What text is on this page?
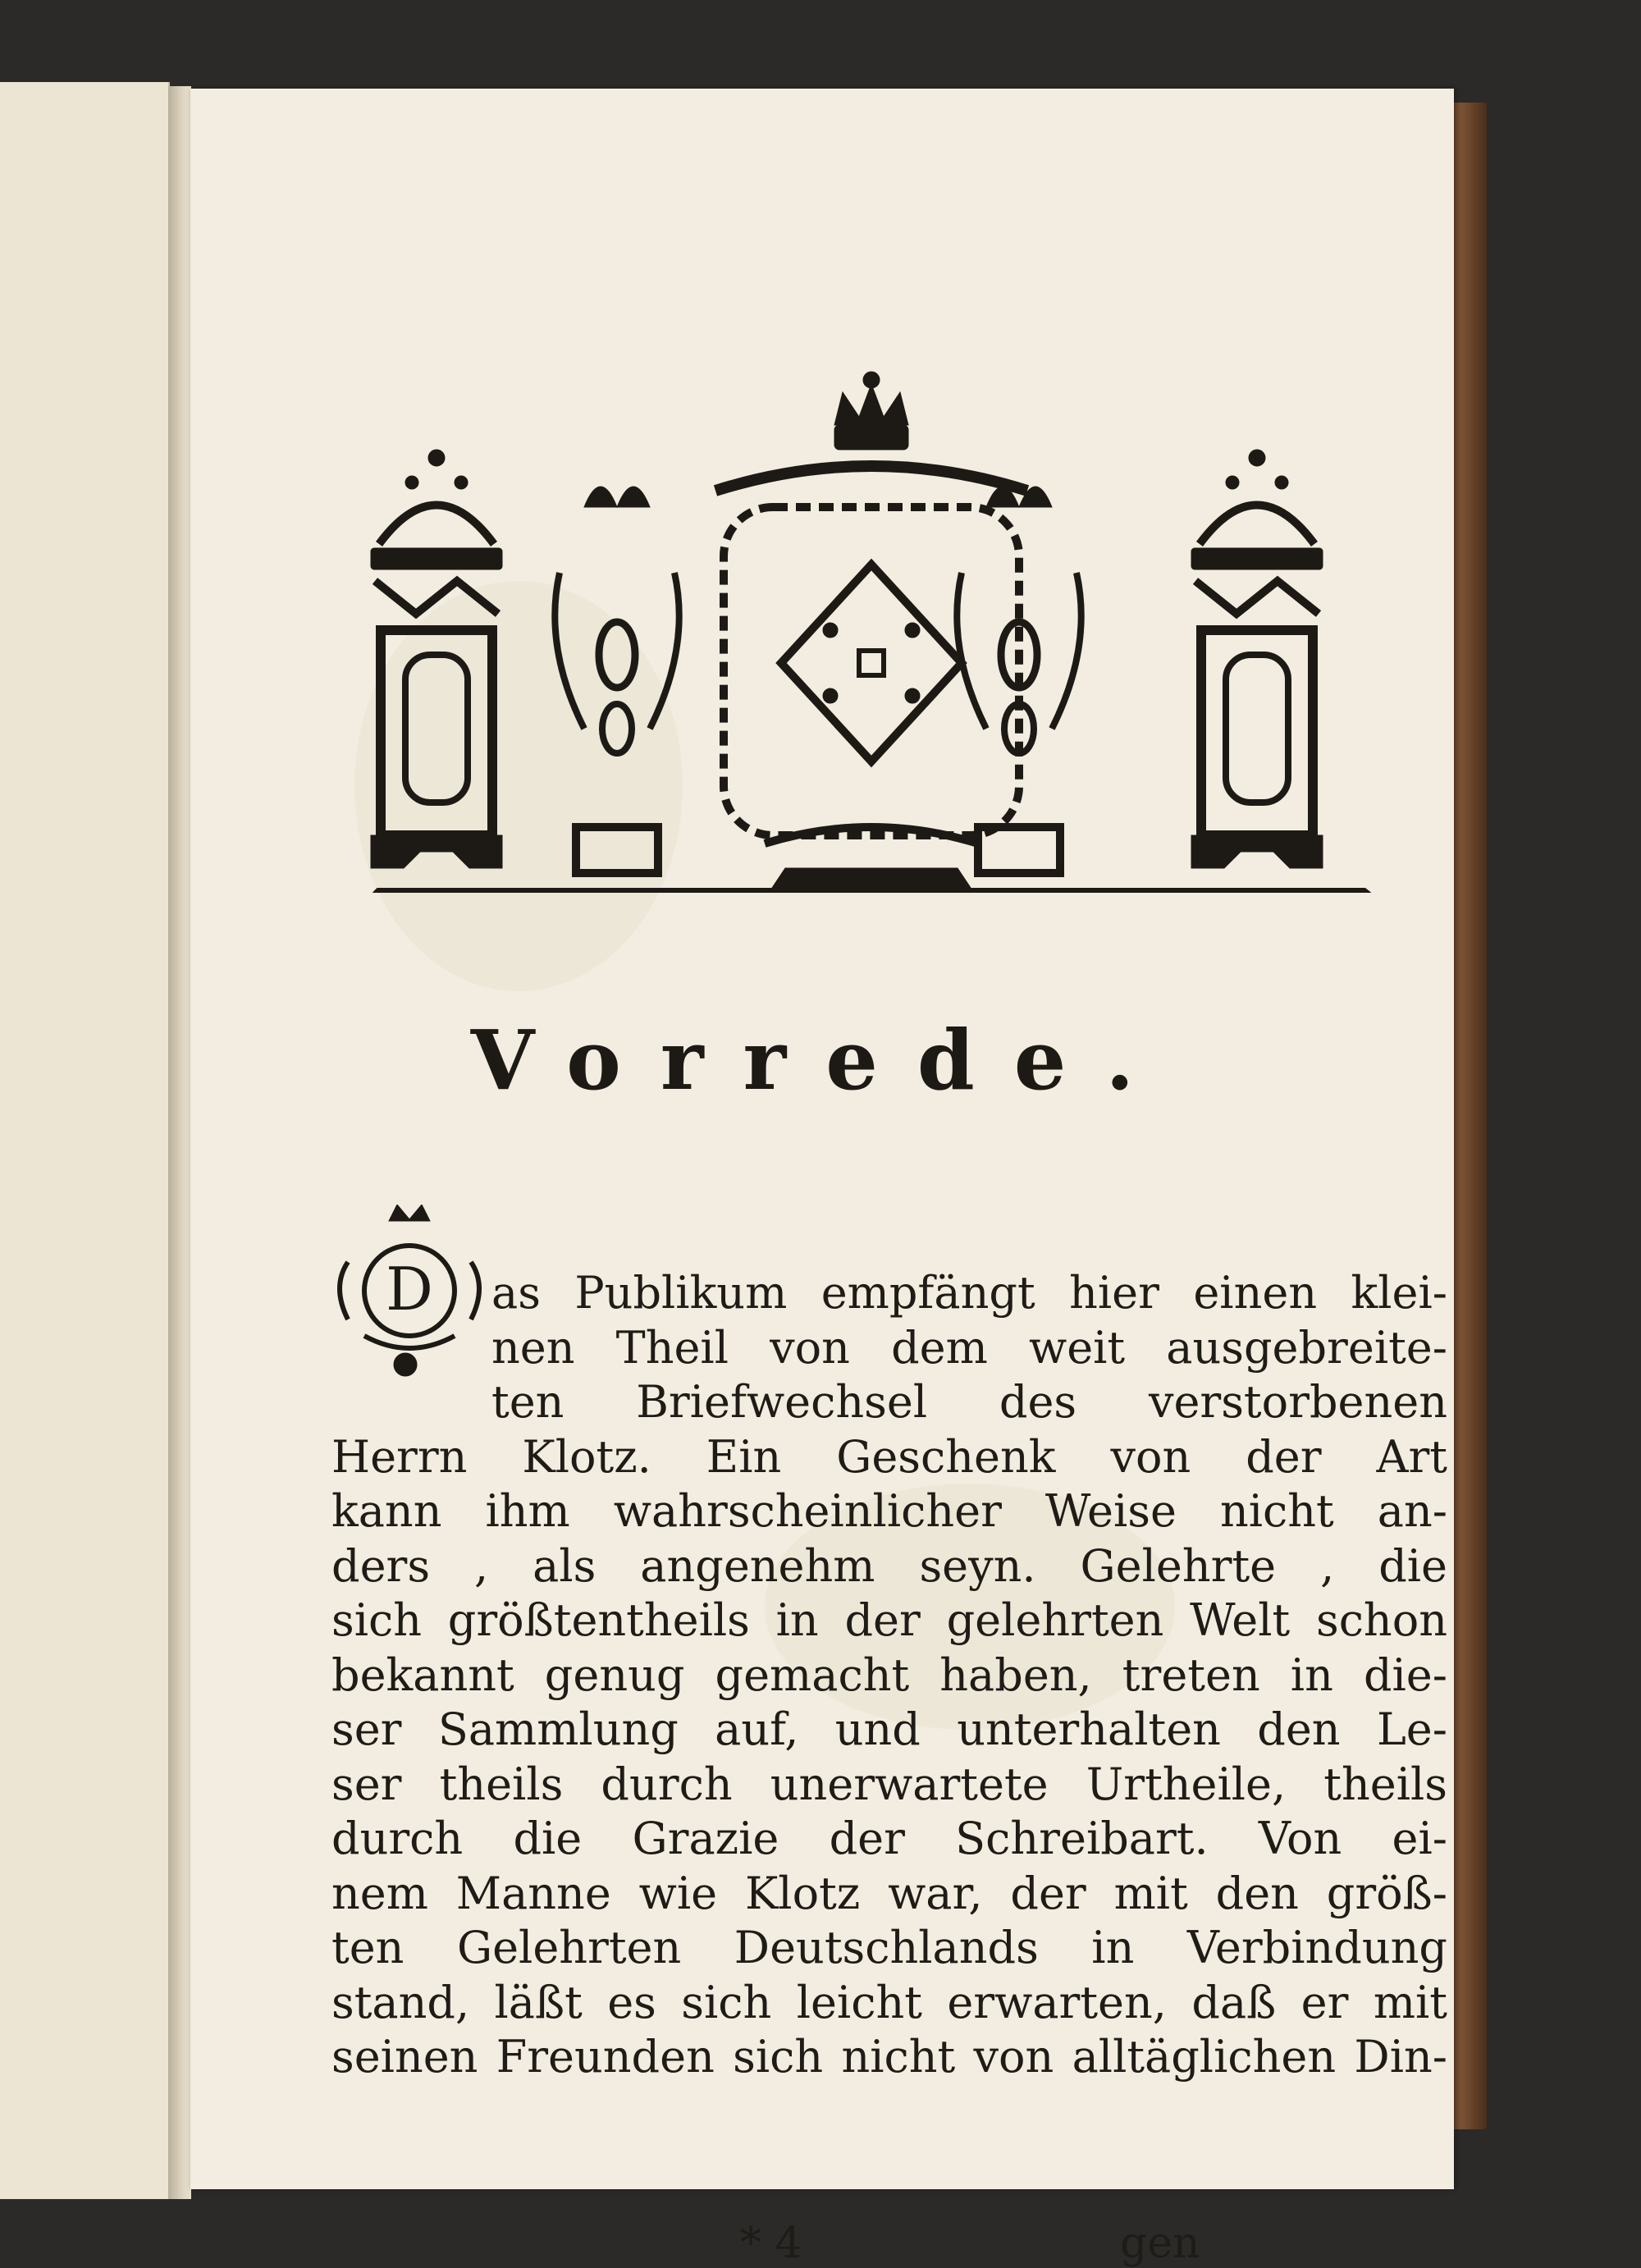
Vorrede.
D	as Publikum empfängt hier einen klei-
nen Theil von dem weit ausgebreite-
ten Briefwechsel des verstorbenen
Herrn Klotz. Ein Geschenk von der Art
kann ihm wahrscheinlicher Weise nicht an-
ders , als angenehm seyn. Gelehrte , die
sich größtentheils in der gelehrten Welt schon
bekannt genug gemacht haben, treten in die-
ser Sammlung auf, und unterhalten den Le-
ser theils durch unerwartete Urtheile, theils
durch die Grazie der Schreibart. Von ei-
nem Manne wie Klotz war, der mit den größ-
ten Gelehrten Deutschlands in Verbindung
stand, läßt es sich leicht erwarten, daß er mit
seinen Freunden sich nicht von alltäglichen Din-
* 4	gen
